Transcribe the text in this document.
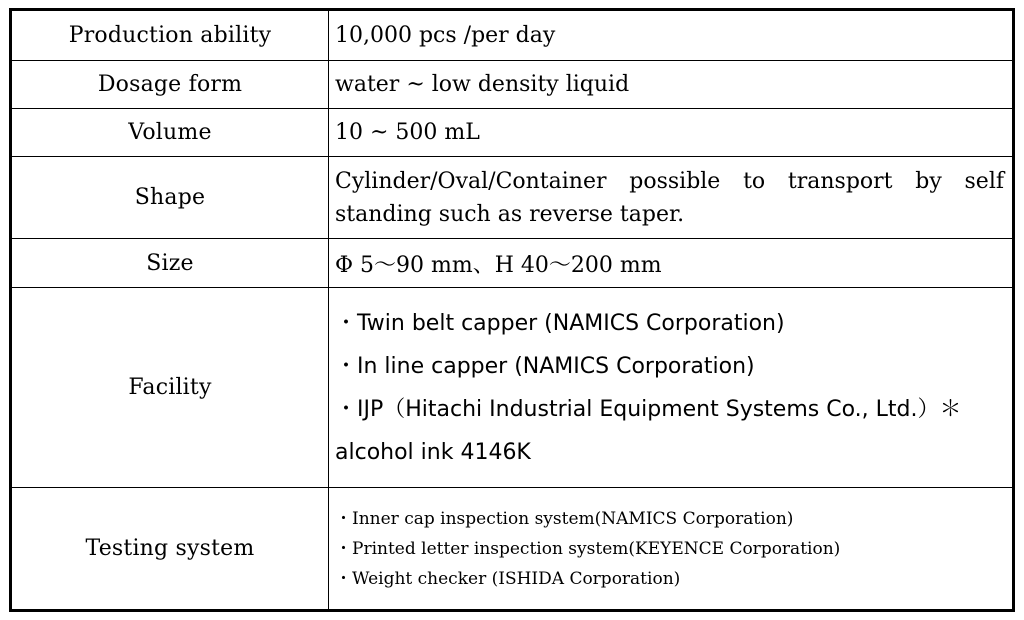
Production ability	10,000 pcs /per day
Dosage form	water ~ low density liquid
Volume	10 ~ 500 mL
Shape	Cylinder/Oval/Container possible to transport by self standing such as reverse taper.
Size	Φ 5～90 mm、H 40～200 mm
Facility	・Twin belt capper (NAMICS Corporation)
・In line capper (NAMICS Corporation)
・IJP（Hitachi Industrial Equipment Systems Co., Ltd.）＊alcohol ink 4146K

Testing system	・Inner cap inspection system(NAMICS Corporation)
・Printed letter inspection system(KEYENCE Corporation)
・Weight checker (ISHIDA Corporation)
